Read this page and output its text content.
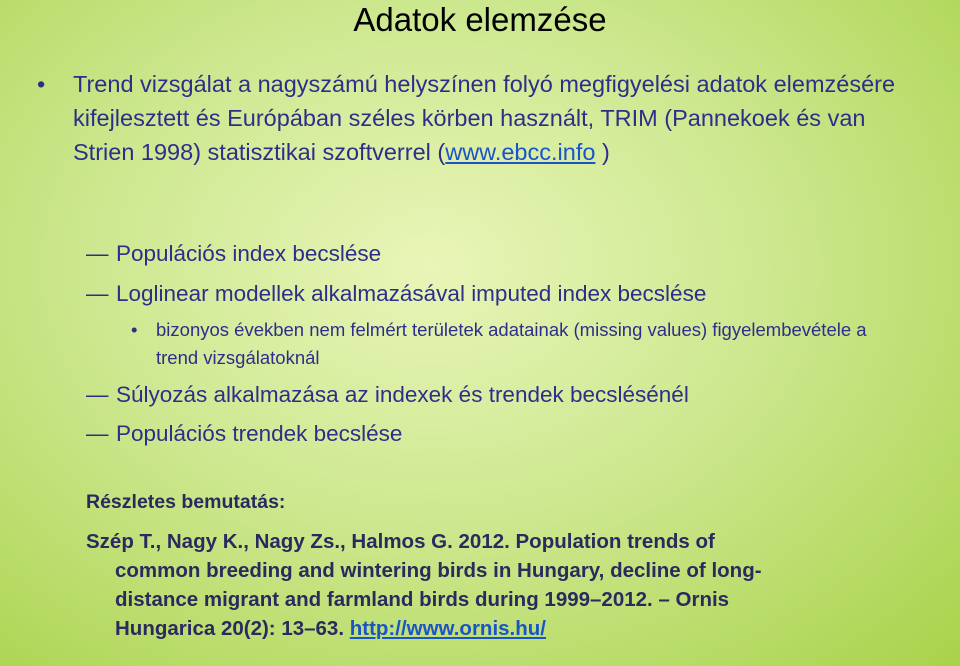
Adatok elemzése
• Trend vizsgálat a nagyszámú helyszínen folyó megfigyelési adatok elemzésére kifejlesztett és Európában széles körben használt, TRIM (Pannekoek és van Strien 1998) statisztikai szoftverrel (www.ebcc.info )
— Populációs index becslése
— Loglinear modellek alkalmazásával imputed index becslése
• bizonyos években nem felmért területek adatainak (missing values) figyelembevétele a trend vizsgálatoknál
— Súlyozás alkalmazása az indexek és trendek becslésénél
— Populációs trendek becslése
Részletes bemutatás:
Szép T., Nagy K., Nagy Zs., Halmos G. 2012. Population trends of
common breeding and wintering birds in Hungary, decline of long-
distance migrant and farmland birds during 1999–2012. – Ornis
Hungarica 20(2): 13–63. http://www.ornis.hu/
